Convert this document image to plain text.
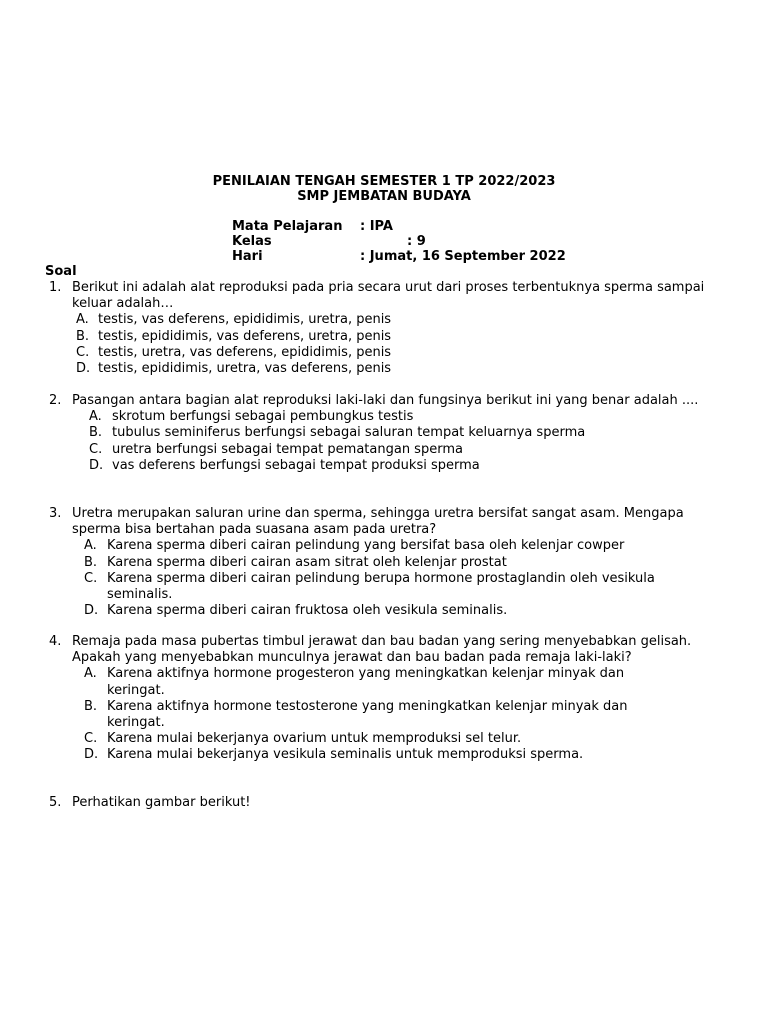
PENILAIAN TENGAH SEMESTER 1 TP 2022/2023
SMP JEMBATAN BUDAYA
Mata Pelajaran : IPA
Kelas	: 9
Hari	: Jumat, 16 September 2022
Soal
1. Berikut ini adalah alat reproduksi pada pria secara urut dari proses terbentuknya sperma sampai keluar adalah…
A. testis, vas deferens, epididimis, uretra, penis
B. testis, epididimis, vas deferens, uretra, penis
C. testis, uretra, vas deferens, epididimis, penis
D. testis, epididimis, uretra, vas deferens, penis
2. Pasangan antara bagian alat reproduksi laki-laki dan fungsinya berikut ini yang benar adalah ....
A. skrotum berfungsi sebagai pembungkus testis
B. tubulus seminiferus berfungsi sebagai saluran tempat keluarnya sperma
C. uretra berfungsi sebagai tempat pematangan sperma
D. vas deferens berfungsi sebagai tempat produksi sperma
3. Uretra merupakan saluran urine dan sperma, sehingga uretra bersifat sangat asam. Mengapa sperma bisa bertahan pada suasana asam pada uretra?
A. Karena sperma diberi cairan pelindung yang bersifat basa oleh kelenjar cowper
B. Karena sperma diberi cairan asam sitrat oleh kelenjar prostat
C. Karena sperma diberi cairan pelindung berupa hormone prostaglandin oleh vesikula seminalis.
D. Karena sperma diberi cairan fruktosa oleh vesikula seminalis.
4. Remaja pada masa pubertas timbul jerawat dan bau badan yang sering menyebabkan gelisah. Apakah yang menyebabkan munculnya jerawat dan bau badan pada remaja laki-laki?
A. Karena aktifnya hormone progesteron yang meningkatkan kelenjar minyak dan keringat.
B. Karena aktifnya hormone testosterone yang meningkatkan kelenjar minyak dan keringat.
C. Karena mulai bekerjanya ovarium untuk memproduksi sel telur.
D. Karena mulai bekerjanya vesikula seminalis untuk memproduksi sperma.
5. Perhatikan gambar berikut!
